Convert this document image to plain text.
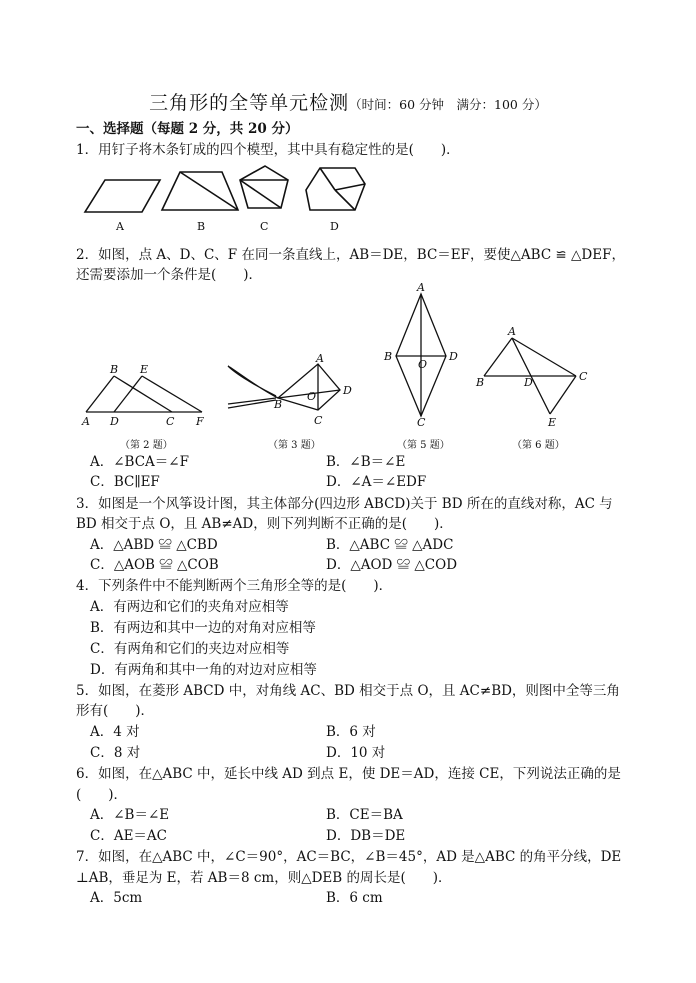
三角形的全等单元检测（时间：60 分钟　满分：100 分）
一、选择题（每题 2 分，共 20 分）
1．用钉子将木条钉成的四个模型，其中具有稳定性的是(　　)．
A	B	C	D
2．如图，点 A、D、C、F 在同一条直线上，AB＝DE，BC＝EF，要使△ABC ≌ △DEF，
还需要添加一个条件是(　　)．
B E
A D	C F
A
D
O
B
C
A
B
O
D
C
A
B	D	C
E
（第 2 题）	（第 3 题）	（第 5 题）	（第 6 题）
A．∠BCA＝∠F	B．∠B＝∠E
C．BC∥EF	D．∠A＝∠EDF
3．如图是一个风筝设计图，其主体部分(四边形 ABCD)关于 BD 所在的直线对称，AC 与
BD 相交于点 O，且 AB≠AD，则下列判断不正确的是(　　)．
A．△ABD ≌ △CBD	B．△ABC ≌ △ADC
C．△AOB ≌ △COB	D．△AOD ≌ △COD
4．下列条件中不能判断两个三角形全等的是(　　)．
A．有两边和它们的夹角对应相等
B．有两边和其中一边的对角对应相等
C．有两角和它们的夹边对应相等
D．有两角和其中一角的对边对应相等
5．如图，在菱形 ABCD 中，对角线 AC、BD 相交于点 O，且 AC≠BD，则图中全等三角
形有(　　)．
A．4 对	B．6 对
C．8 对	D．10 对
6．如图，在△ABC 中，延长中线 AD 到点 E，使 DE＝AD，连接 CE，下列说法正确的是
(　　)．
A．∠B＝∠E	B．CE＝BA
C．AE＝AC	D．DB＝DE
7．如图，在△ABC 中，∠C＝90°，AC＝BC，∠B＝45°，AD 是△ABC 的角平分线，DE
⊥AB，垂足为 E，若 AB＝8 cm，则△DEB 的周长是(　　)．
A．5cm	B．6 cm
